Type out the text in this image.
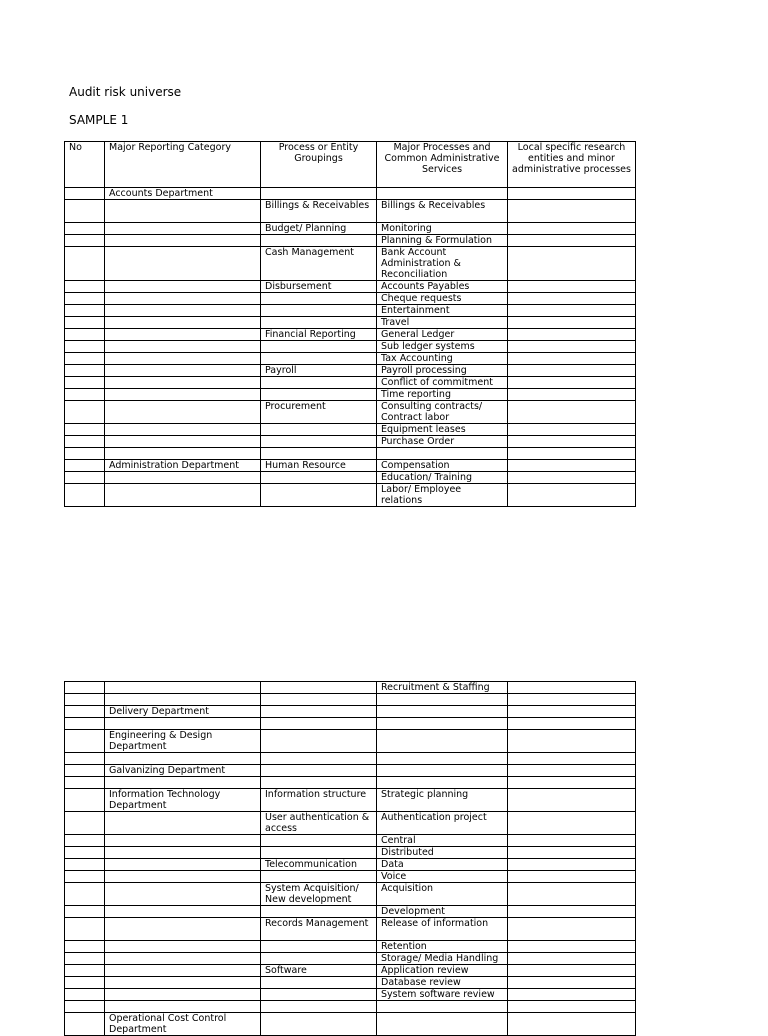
Audit risk universe
SAMPLE 1
No	Major Reporting Category	Process or Entity Groupings	Major Processes and Common Administrative Services	Local specific research entities and minor administrative processes
	Accounts Department			
		Billings & Receivables	Billings & Receivables	
		Budget/ Planning	Monitoring	
			Planning & Formulation	
		Cash Management	Bank Account Administration & Reconciliation	
		Disbursement	Accounts Payables	
			Cheque requests	
			Entertainment	
			Travel	
		Financial Reporting	General Ledger	
			Sub ledger systems	
			Tax Accounting	
		Payroll	Payroll processing	
			Conflict of commitment	
			Time reporting	
		Procurement	Consulting contracts/ Contract labor	
			Equipment leases	
			Purchase Order	

	Administration Department	Human Resource	Compensation	
			Education/ Training	
			Labor/ Employee relations	
			Recruitment & Staffing	

	Delivery Department			

	Engineering & Design Department			

	Galvanizing Department			

	Information Technology Department	Information structure	Strategic planning	
		User authentication & access	Authentication project	
			Central	
			Distributed	
		Telecommunication	Data	
			Voice	
		System Acquisition/ New development	Acquisition	
			Development	
		Records Management	Release of information	
			Retention	
			Storage/ Media Handling	
		Software	Application review	
			Database review	
			System software review	

	Operational Cost Control Department			
